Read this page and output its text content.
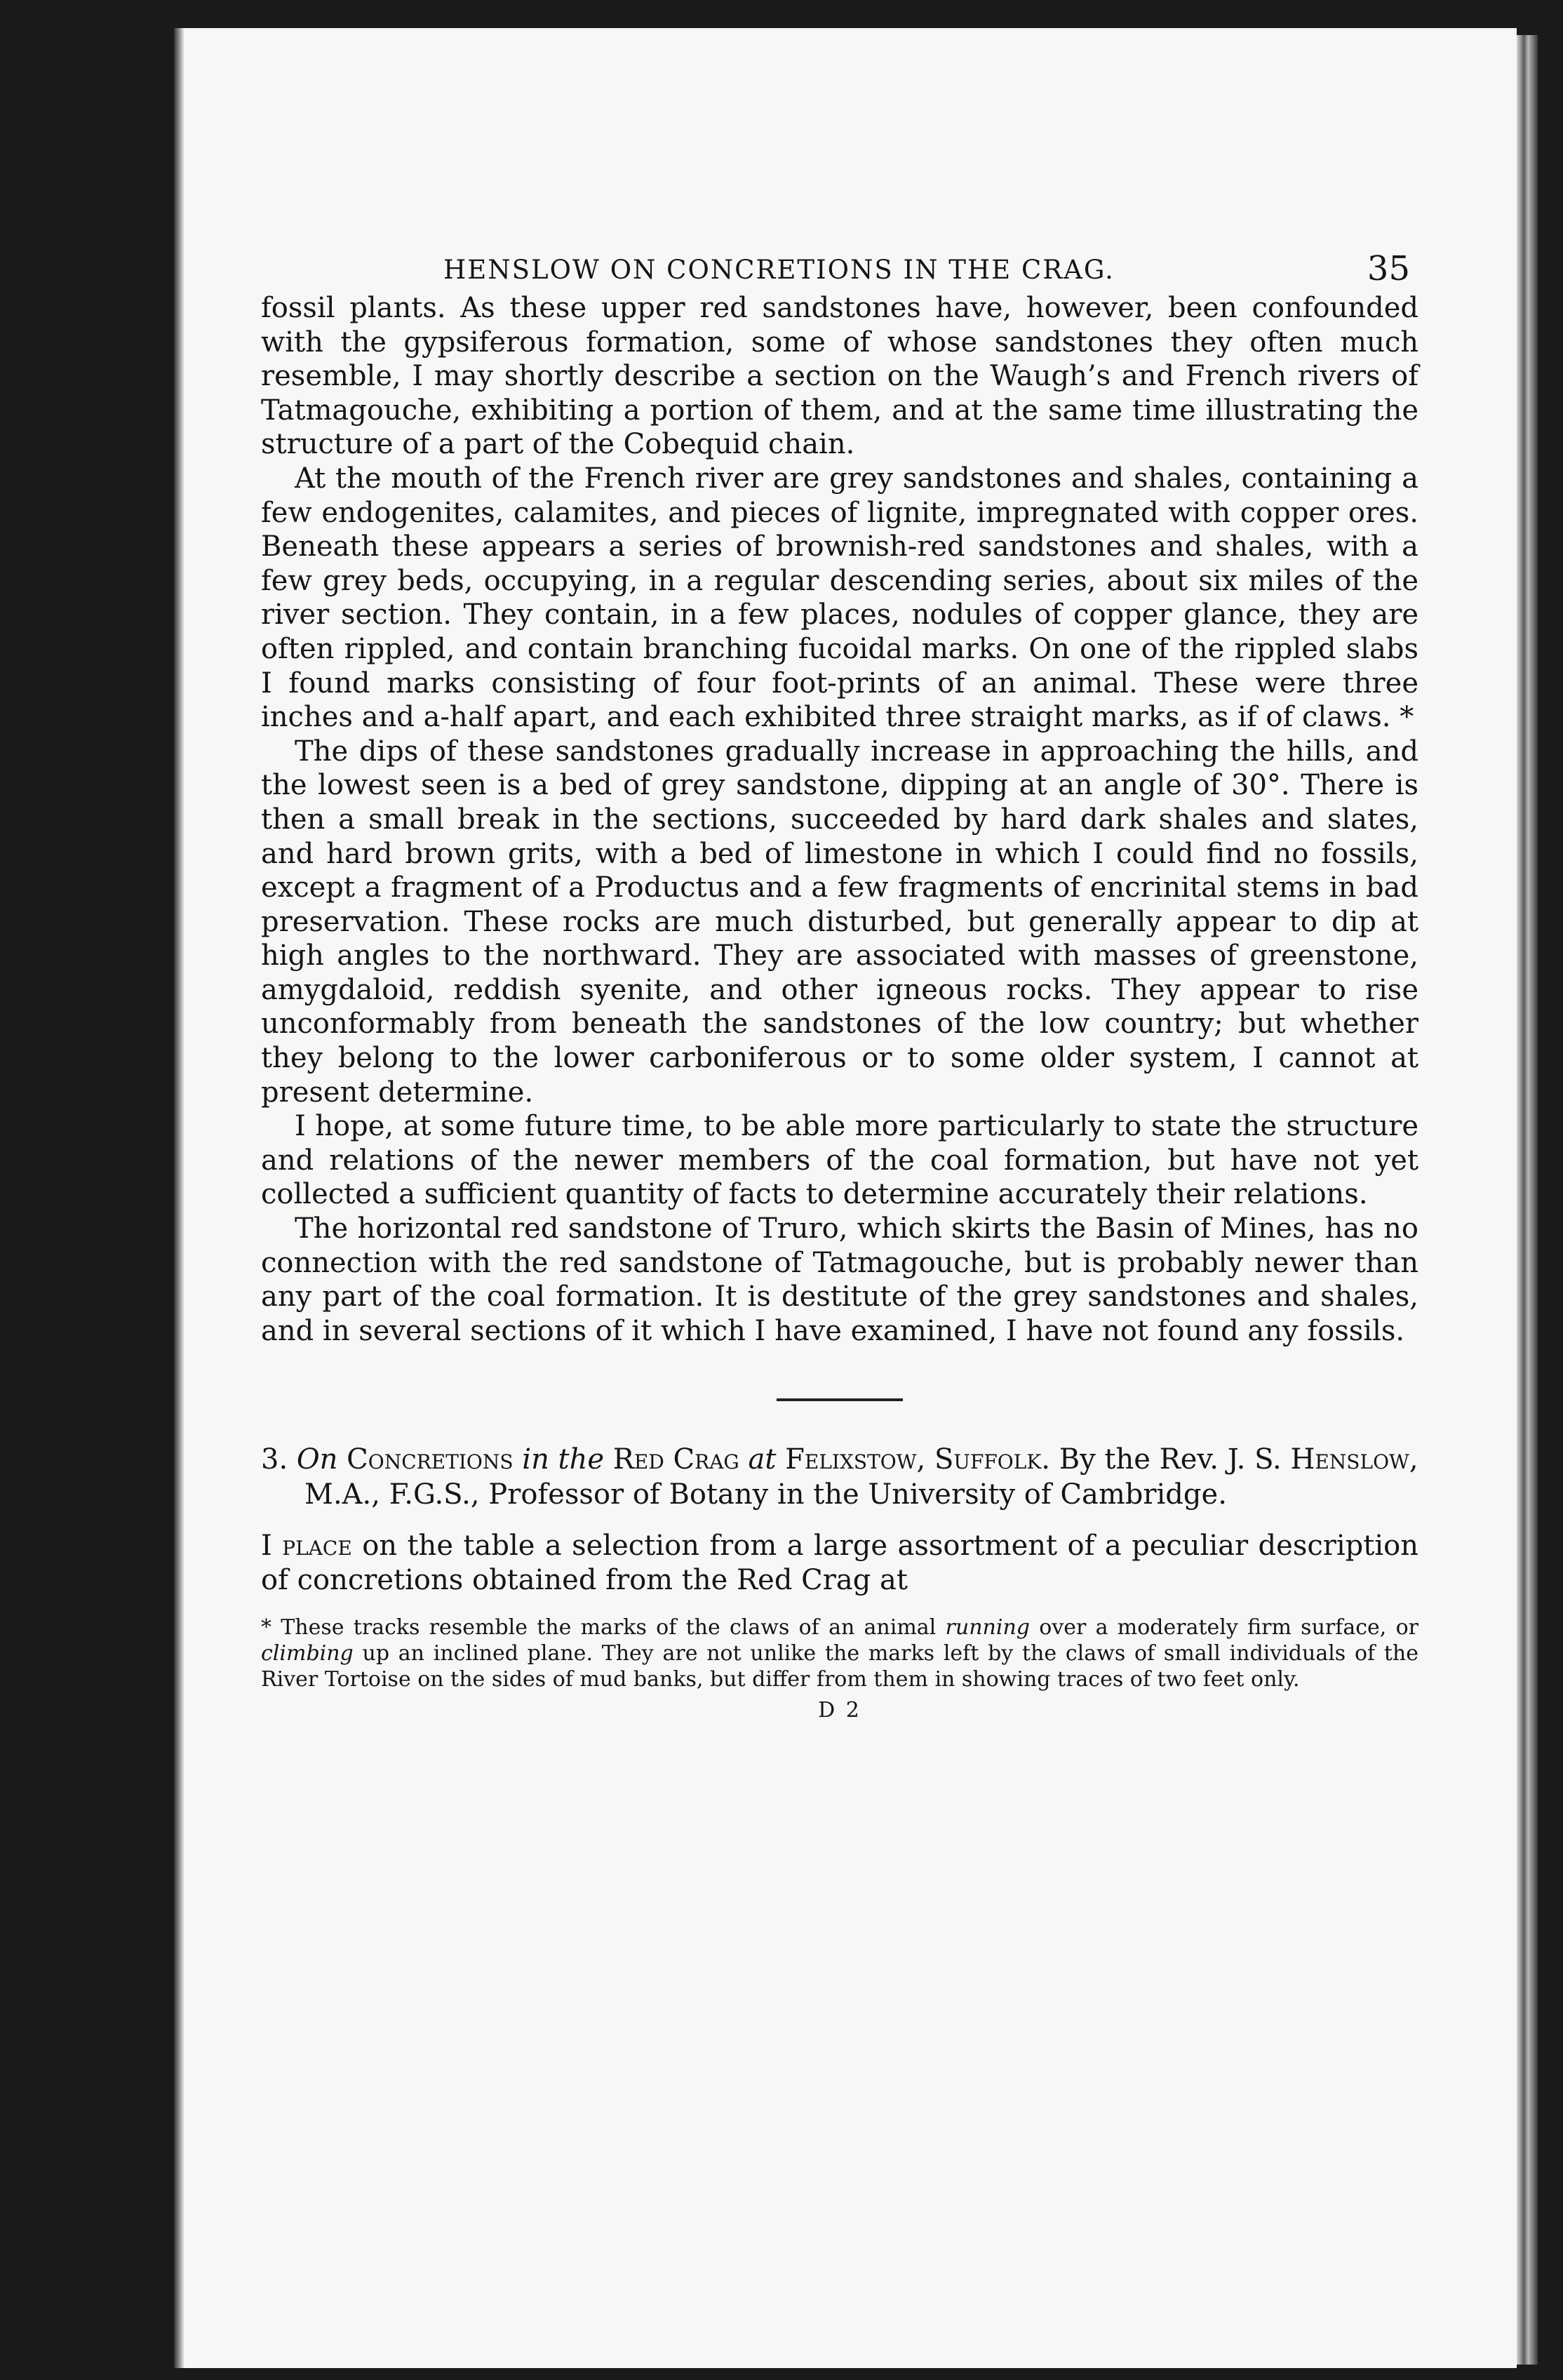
HENSLOW ON CONCRETIONS IN THE CRAG.	35

fossil plants. As these upper red sandstones have, however, been confounded with the gypsiferous formation, some of whose sandstones they often much resemble, I may shortly describe a section on the Waugh’s and French rivers of Tatmagouche, exhibiting a portion of them, and at the same time illustrating the structure of a part of the Cobequid chain.

At the mouth of the French river are grey sandstones and shales, containing a few endogenites, calamites, and pieces of lignite, impregnated with copper ores. Beneath these appears a series of brownish-red sandstones and shales, with a few grey beds, occupying, in a regular descending series, about six miles of the river section. They contain, in a few places, nodules of copper glance, they are often rippled, and contain branching fucoidal marks. On one of the rippled slabs I found marks consisting of four foot-prints of an animal. These were three inches and a-half apart, and each exhibited three straight marks, as if of claws. *

The dips of these sandstones gradually increase in approaching the hills, and the lowest seen is a bed of grey sandstone, dipping at an angle of 30°. There is then a small break in the sections, succeeded by hard dark shales and slates, and hard brown grits, with a bed of limestone in which I could find no fossils, except a fragment of a Productus and a few fragments of encrinital stems in bad preservation. These rocks are much disturbed, but generally appear to dip at high angles to the northward. They are associated with masses of greenstone, amygdaloid, reddish syenite, and other igneous rocks. They appear to rise unconformably from beneath the sandstones of the low country; but whether they belong to the lower carboniferous or to some older system, I cannot at present determine.

I hope, at some future time, to be able more particularly to state the structure and relations of the newer members of the coal formation, but have not yet collected a sufficient quantity of facts to determine accurately their relations.

The horizontal red sandstone of Truro, which skirts the Basin of Mines, has no connection with the red sandstone of Tatmagouche, but is probably newer than any part of the coal formation. It is destitute of the grey sandstones and shales, and in several sections of it which I have examined, I have not found any fossils.

3. On Concretions in the Red Crag at Felixstow, Suffolk. By the Rev. J. S. Henslow, M.A., F.G.S., Professor of Botany in the University of Cambridge.

I place on the table a selection from a large assortment of a peculiar description of concretions obtained from the Red Crag at

* These tracks resemble the marks of the claws of an animal running over a moderately firm surface, or climbing up an inclined plane. They are not unlike the marks left by the claws of small individuals of the River Tortoise on the sides of mud banks, but differ from them in showing traces of two feet only.
D 2
